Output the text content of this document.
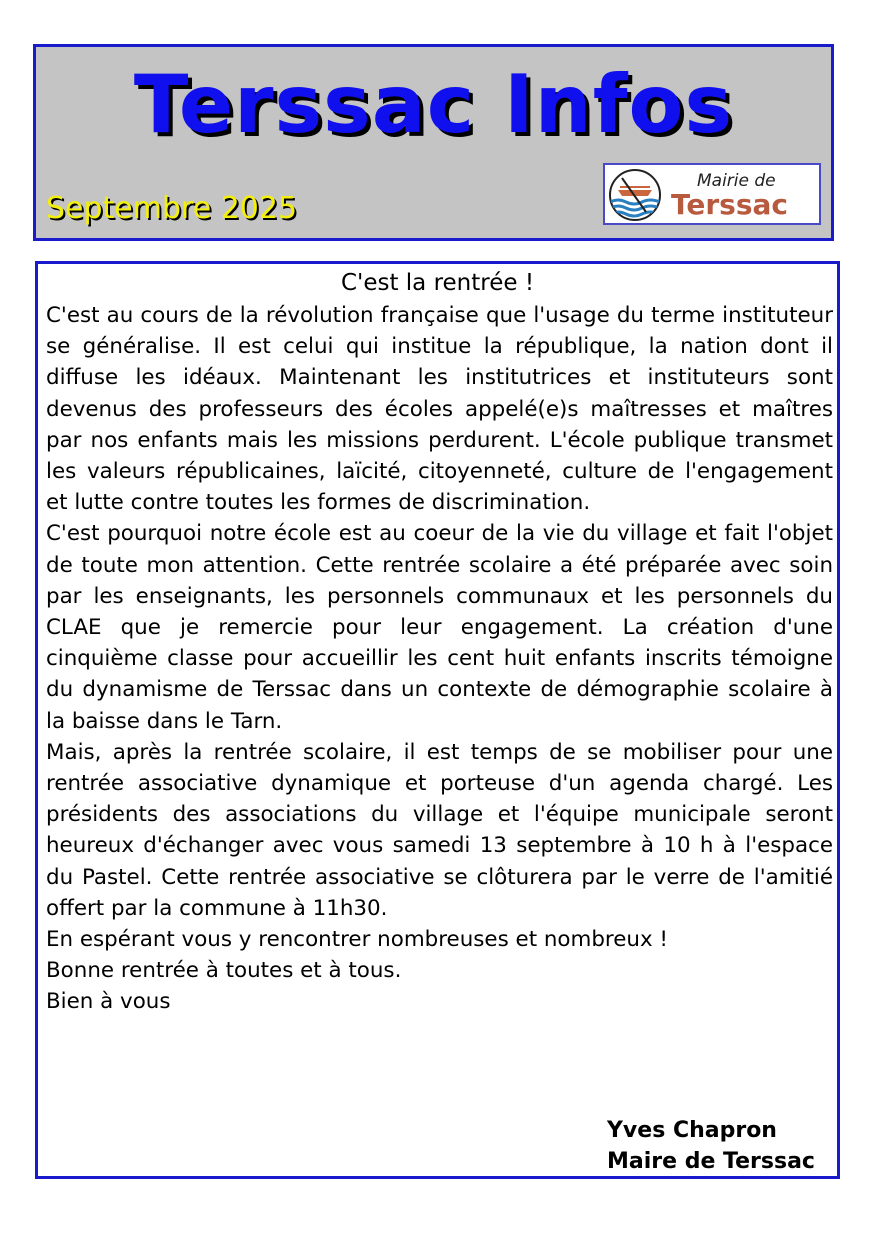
Terssac Infos
Septembre 2025
Mairie de
Terssac
C'est la rentrée !

C'est au cours de la révolution française que l'usage du terme instituteur se généralise. Il est celui qui institue la république, la nation dont il diffuse les idéaux. Maintenant les institutrices et instituteurs sont devenus des professeurs des écoles appelé(e)s maîtresses et maîtres par nos enfants mais les missions perdurent. L'école publique transmet les valeurs républicaines, laïcité, citoyenneté, culture de l'engagement et lutte contre toutes les formes de discrimination.

C'est pourquoi notre école est au coeur de la vie du village et fait l'objet de toute mon attention. Cette rentrée scolaire a été préparée avec soin par les enseignants, les personnels communaux et les personnels du CLAE que je remercie pour leur engagement. La création d'une cinquième classe pour accueillir les cent huit enfants inscrits témoigne du dynamisme de Terssac dans un contexte de démographie scolaire à la baisse dans le Tarn.

Mais, après la rentrée scolaire, il est temps de se mobiliser pour une rentrée associative dynamique et porteuse d'un agenda chargé. Les présidents des associations du village et l'équipe municipale seront heureux d'échanger avec vous samedi 13 septembre à 10 h à l'espace du Pastel. Cette rentrée associative se clôturera par le verre de l'amitié offert par la commune à 11h30.

En espérant vous y rencontrer nombreuses et nombreux !

Bonne rentrée à toutes et à tous.

Bien à vous

Yves Chapron
Maire de Terssac
